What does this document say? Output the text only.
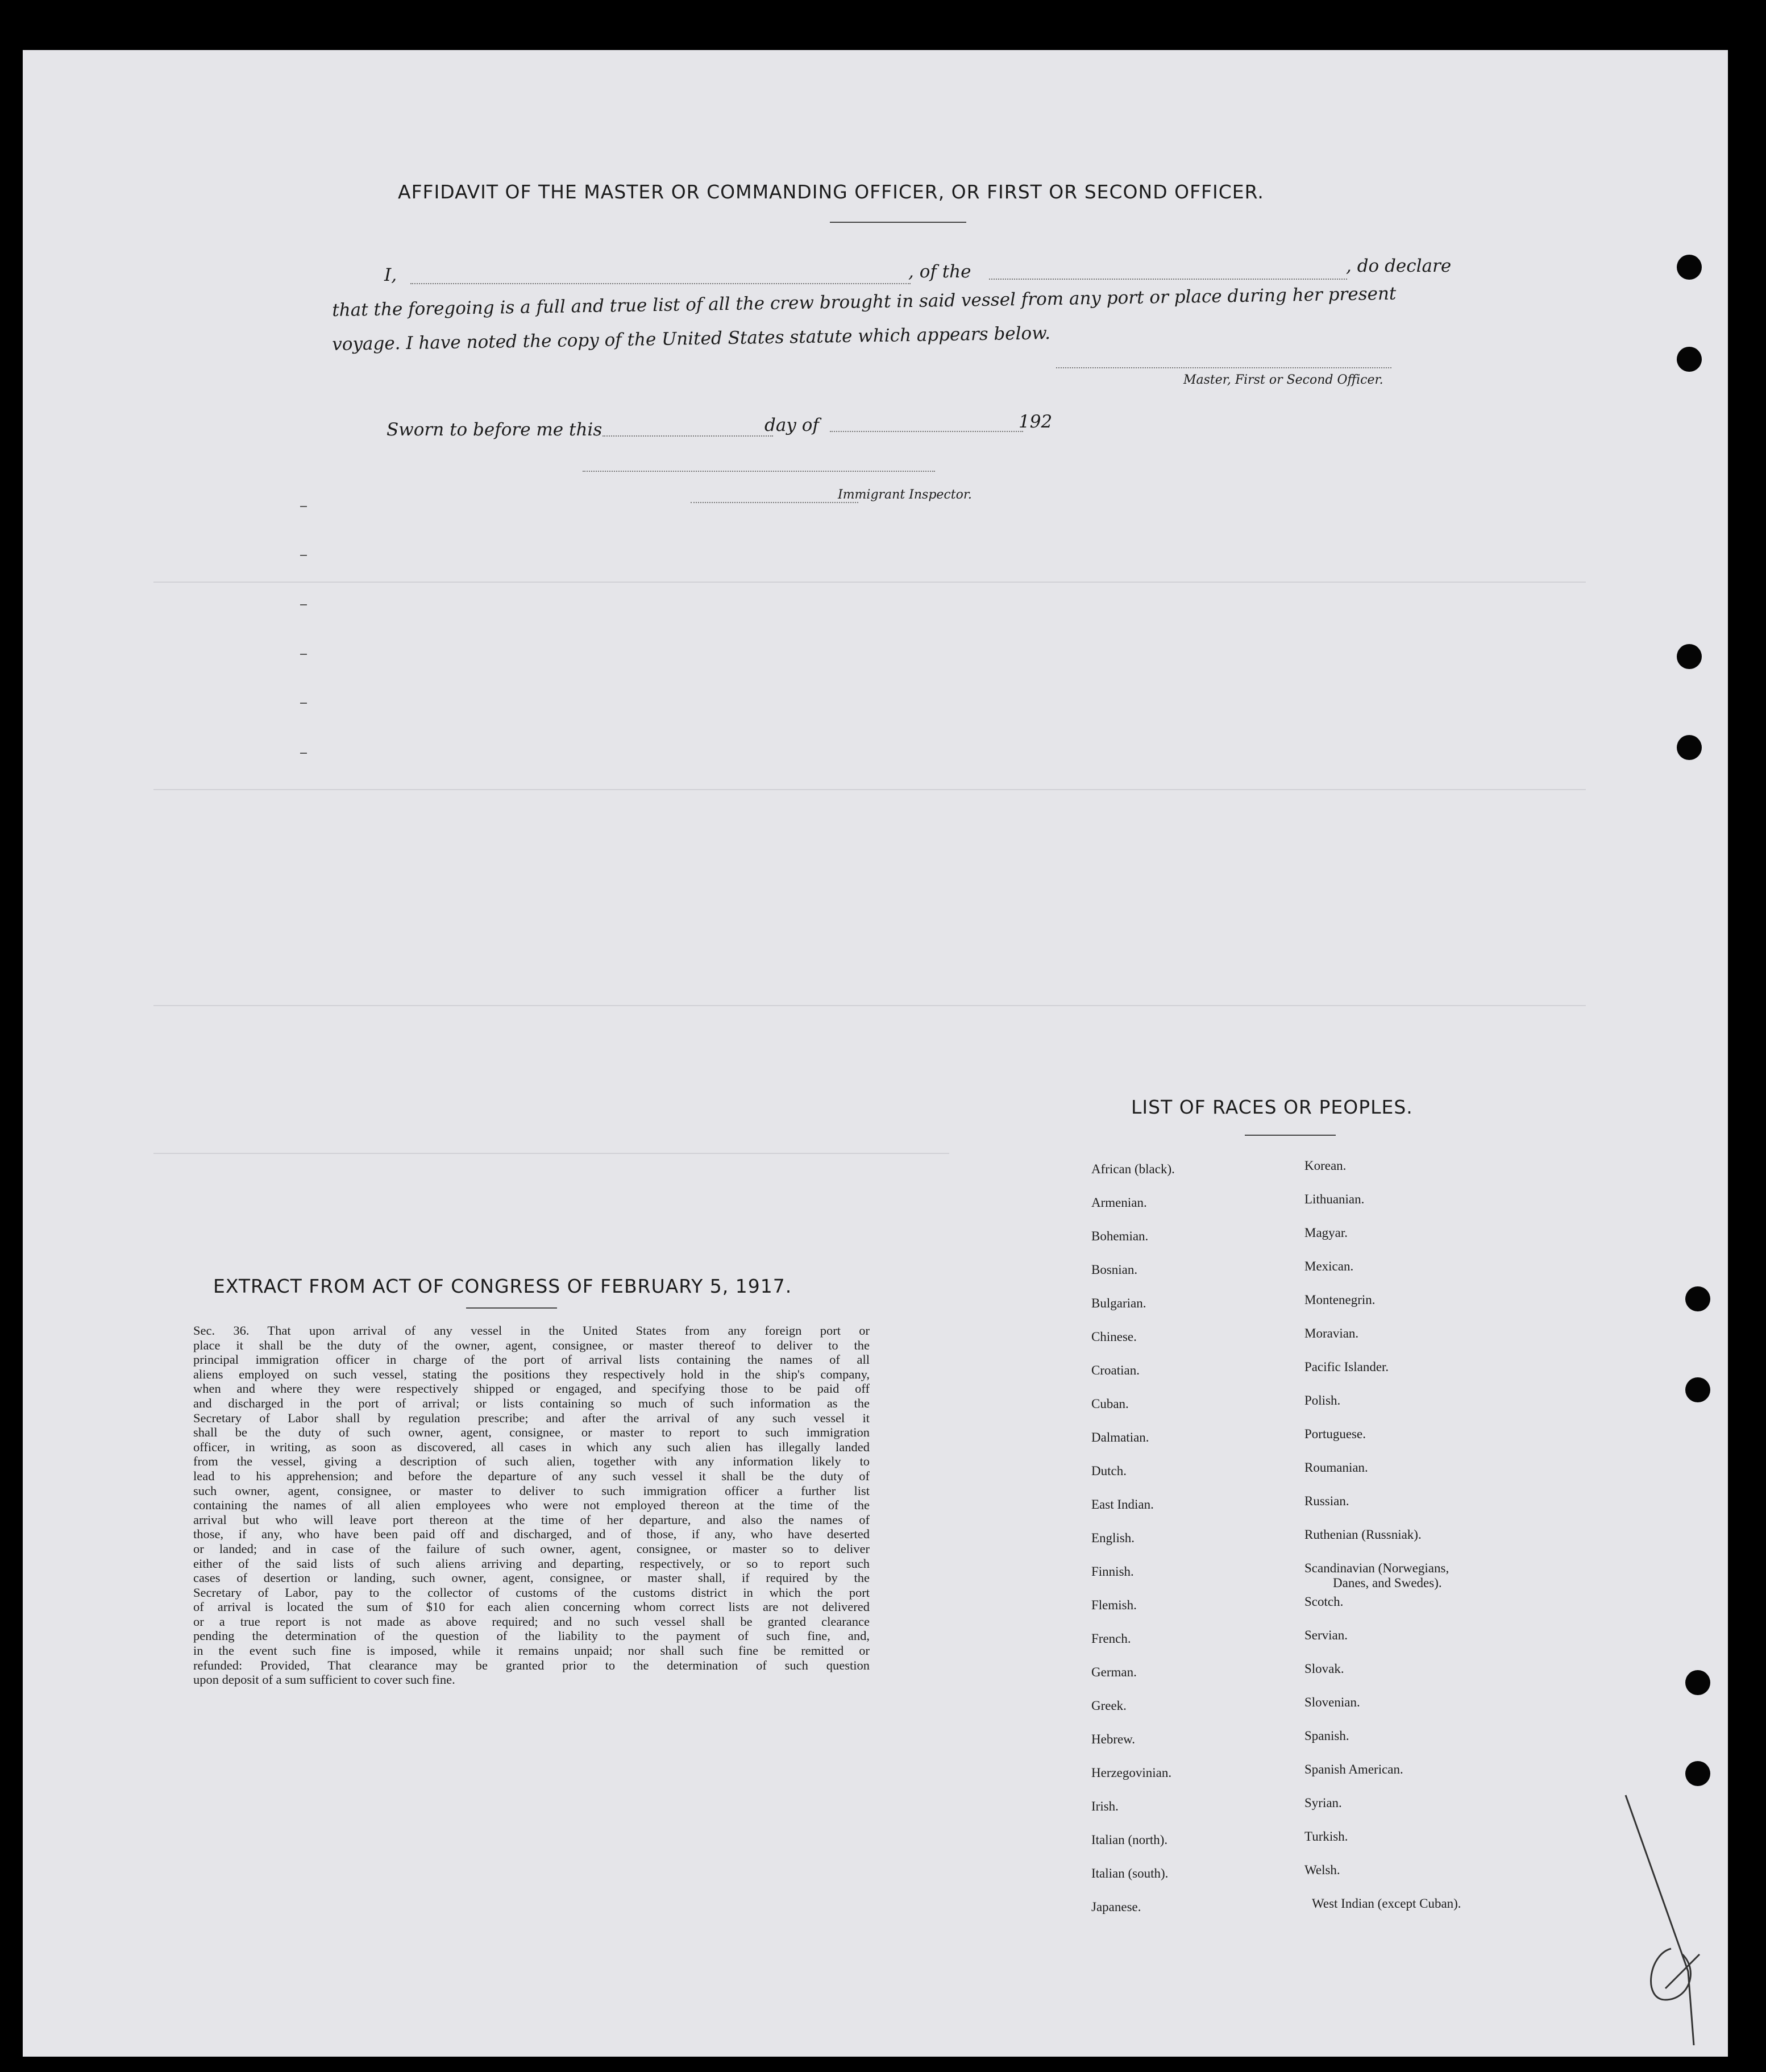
AFFIDAVIT OF THE MASTER OR COMMANDING OFFICER, OR FIRST OR SECOND OFFICER.
I,	, of the	, do declare
that the foregoing is a full and true list of all the crew brought in said vessel from any port or place during her present
voyage. I have noted the copy of the United States statute which appears below.
Master, First or Second Officer.
Sworn to before me this	day of	192
Immigrant Inspector.
LIST OF RACES OR PEOPLES.
African (black).
Armenian.
Bohemian.
Bosnian.
Bulgarian.
Chinese.
Croatian.
Cuban.
Dalmatian.
Dutch.
East Indian.
English.
Finnish.
Flemish.
French.
German.
Greek.
Hebrew.
Herzegovinian.
Irish.
Italian (north).
Italian (south).
Japanese.
Korean.
Lithuanian.
Magyar.
Mexican.
Montenegrin.
Moravian.
Pacific Islander.
Polish.
Portuguese.
Roumanian.
Russian.
Ruthenian (Russniak).
Scandinavian (Norwegians,
Danes, and Swedes).
Scotch.
Servian.
Slovak.
Slovenian.
Spanish.
Spanish American.
Syrian.
Turkish.
Welsh.
West Indian (except Cuban).
EXTRACT FROM ACT OF CONGRESS OF FEBRUARY 5, 1917.
Sec. 36. That upon arrival of any vessel in the United States from any foreign port or
place it shall be the duty of the owner, agent, consignee, or master thereof to deliver to the
principal immigration officer in charge of the port of arrival lists containing the names of all
aliens employed on such vessel, stating the positions they respectively hold in the ship's company,
when and where they were respectively shipped or engaged, and specifying those to be paid off
and discharged in the port of arrival; or lists containing so much of such information as the
Secretary of Labor shall by regulation prescribe; and after the arrival of any such vessel it
shall be the duty of such owner, agent, consignee, or master to report to such immigration
officer, in writing, as soon as discovered, all cases in which any such alien has illegally landed
from the vessel, giving a description of such alien, together with any information likely to
lead to his apprehension; and before the departure of any such vessel it shall be the duty of
such owner, agent, consignee, or master to deliver to such immigration officer a further list
containing the names of all alien employees who were not employed thereon at the time of the
arrival but who will leave port thereon at the time of her departure, and also the names of
those, if any, who have been paid off and discharged, and of those, if any, who have deserted
or landed; and in case of the failure of such owner, agent, consignee, or master so to deliver
either of the said lists of such aliens arriving and departing, respectively, or so to report such
cases of desertion or landing, such owner, agent, consignee, or master shall, if required by the
Secretary of Labor, pay to the collector of customs of the customs district in which the port
of arrival is located the sum of $10 for each alien concerning whom correct lists are not delivered
or a true report is not made as above required; and no such vessel shall be granted clearance
pending the determination of the question of the liability to the payment of such fine, and,
in the event such fine is imposed, while it remains unpaid; nor shall such fine be remitted or
refunded: Provided, That clearance may be granted prior to the determination of such question
upon deposit of a sum sufficient to cover such fine.
